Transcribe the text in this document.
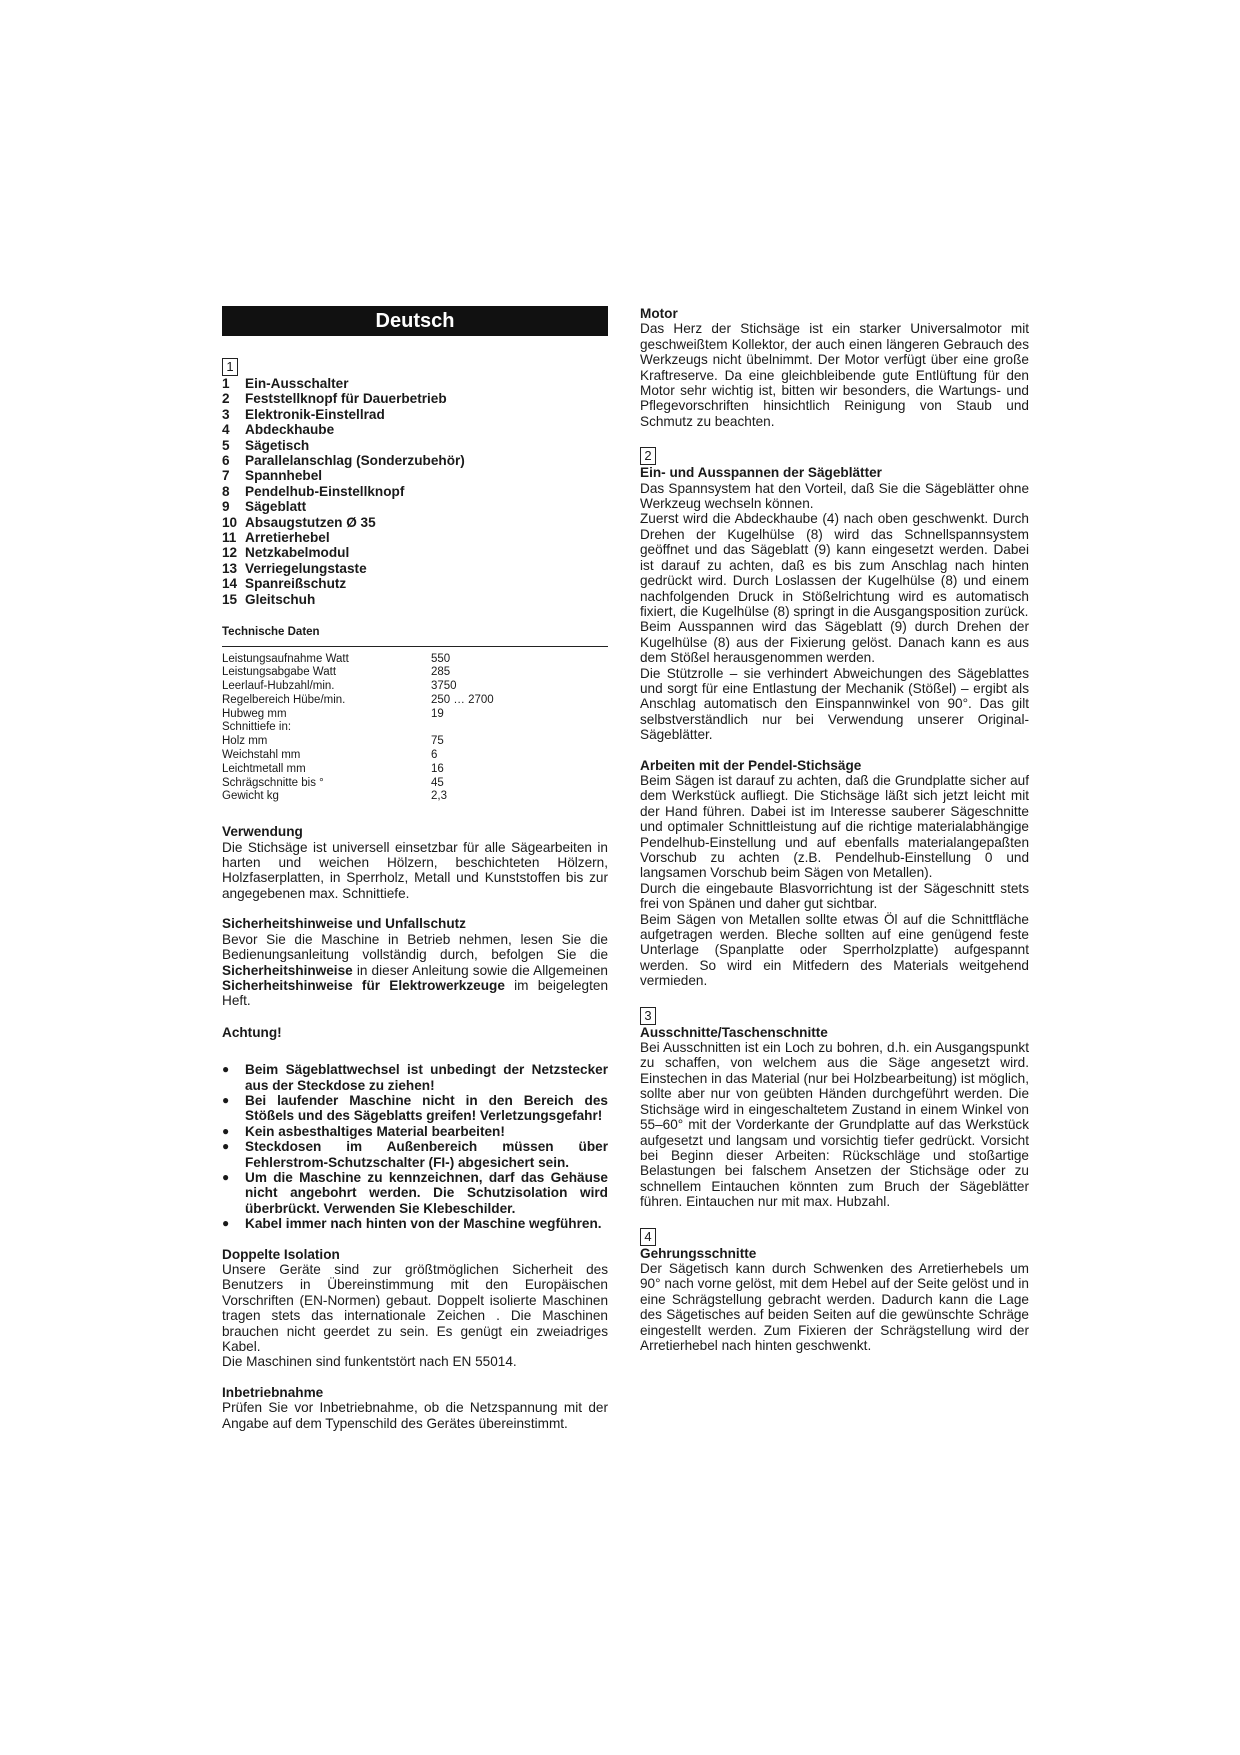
Deutsch
1
1	Ein-Ausschalter
2	Feststellknopf für Dauerbetrieb
3	Elektronik-Einstellrad
4	Abdeckhaube
5	Sägetisch
6	Parallelanschlag (Sonderzubehör)
7	Spannhebel
8	Pendelhub-Einstellknopf
9	Sägeblatt
10 Absaugstutzen Ø 35
11 Arretierhebel
12 Netzkabelmodul
13 Verriegelungstaste
14 Spanreißschutz
15 Gleitschuh
Technische Daten
Leistungsaufnahme Watt	550
Leistungsabgabe Watt	285
Leerlauf-Hubzahl/min.	3750
Regelbereich Hübe/min.	250 … 2700
Hubweg mm	19
Schnittiefe in:
Holz mm	75
Weichstahl mm	6
Leichtmetall mm	16
Schrägschnitte bis °	45
Gewicht kg	2,3
Verwendung

Die Stichsäge ist universell einsetzbar für alle Sägearbeiten in harten und weichen Hölzern, beschichteten Hölzern, Holzfaserplatten, in Sperrholz, Metall und Kunststoffen bis zur angegebenen max. Schnittiefe.

Sicherheitshinweise und Unfallschutz

Bevor Sie die Maschine in Betrieb nehmen, lesen Sie die Bedienungsanleitung vollständig durch, befolgen Sie die Sicherheitshinweise in dieser Anleitung sowie die Allgemeinen Sicherheitshinweise für Elektrowerkzeuge im beigelegten Heft.

Achtung!
●	Beim Sägeblattwechsel ist unbedingt der Netzstecker aus der Steckdose zu ziehen!
●	Bei laufender Maschine nicht in den Bereich des Stößels und des Sägeblatts greifen! Verletzungsgefahr!
●	Kein asbesthaltiges Material bearbeiten!
●	Steckdosen im Außenbereich müssen über Fehlerstrom-Schutzschalter (FI-) abgesichert sein.
●	Um die Maschine zu kennzeichnen, darf das Gehäuse nicht angebohrt werden. Die Schutzisolation wird überbrückt. Verwenden Sie Klebeschilder.
●	Kabel immer nach hinten von der Maschine wegführen.
Doppelte Isolation

Unsere Geräte sind zur größtmöglichen Sicherheit des Benutzers in Übereinstimmung mit den Europäischen Vorschriften (EN-Normen) gebaut. Doppelt isolierte Maschinen tragen stets das internationale Zeichen . Die Maschinen brauchen nicht geerdet zu sein. Es genügt ein zweiadriges Kabel.

Die Maschinen sind funkentstört nach EN 55014.

Inbetriebnahme

Prüfen Sie vor Inbetriebnahme, ob die Netzspannung mit der Angabe auf dem Typenschild des Gerätes übereinstimmt.

Motor

Das Herz der Stichsäge ist ein starker Universalmotor mit geschweißtem Kollektor, der auch einen längeren Gebrauch des Werkzeugs nicht übelnimmt. Der Motor verfügt über eine große Kraftreserve. Da eine gleichbleibende gute Entlüftung für den Motor sehr wichtig ist, bitten wir besonders, die Wartungs- und Pflegevorschriften hinsichtlich Reinigung von Staub und Schmutz zu beachten.

2
Ein- und Ausspannen der Sägeblätter

Das Spannsystem hat den Vorteil, daß Sie die Sägeblätter ohne Werkzeug wechseln können.

Zuerst wird die Abdeckhaube (4) nach oben geschwenkt. Durch Drehen der Kugelhülse (8) wird das Schnellspannsystem geöffnet und das Sägeblatt (9) kann eingesetzt werden. Dabei ist darauf zu achten, daß es bis zum Anschlag nach hinten gedrückt wird. Durch Loslassen der Kugelhülse (8) und einem nachfolgenden Druck in Stößelrichtung wird es automatisch fixiert, die Kugelhülse (8) springt in die Ausgangsposition zurück.

Beim Ausspannen wird das Sägeblatt (9) durch Drehen der Kugelhülse (8) aus der Fixierung gelöst. Danach kann es aus dem Stößel herausgenommen werden.

Die Stützrolle – sie verhindert Abweichungen des Sägeblattes und sorgt für eine Entlastung der Mechanik (Stößel) – ergibt als Anschlag automatisch den Einspannwinkel von 90°. Das gilt selbstverständlich nur bei Verwendung unserer Original-Sägeblätter.

Arbeiten mit der Pendel-Stichsäge

Beim Sägen ist darauf zu achten, daß die Grundplatte sicher auf dem Werkstück aufliegt. Die Stichsäge läßt sich jetzt leicht mit der Hand führen. Dabei ist im Interesse sauberer Sägeschnitte und optimaler Schnittleistung auf die richtige materialabhängige Pendelhub-Einstellung und auf ebenfalls materialangepaßten Vorschub zu achten (z.B. Pendelhub-Einstellung 0 und langsamen Vorschub beim Sägen von Metallen).

Durch die eingebaute Blasvorrichtung ist der Sägeschnitt stets frei von Spänen und daher gut sichtbar.

Beim Sägen von Metallen sollte etwas Öl auf die Schnittfläche aufgetragen werden. Bleche sollten auf eine genügend feste Unterlage (Spanplatte oder Sperrholzplatte) aufgespannt werden. So wird ein Mitfedern des Materials weitgehend vermieden.

3
Ausschnitte/Taschenschnitte

Bei Ausschnitten ist ein Loch zu bohren, d.h. ein Ausgangspunkt zu schaffen, von welchem aus die Säge angesetzt wird. Einstechen in das Material (nur bei Holzbearbeitung) ist möglich, sollte aber nur von geübten Händen durchgeführt werden. Die Stichsäge wird in eingeschaltetem Zustand in einem Winkel von 55–60° mit der Vorderkante der Grundplatte auf das Werkstück aufgesetzt und langsam und vorsichtig tiefer gedrückt. Vorsicht bei Beginn dieser Arbeiten: Rückschläge und stoßartige Belastungen bei falschem Ansetzen der Stichsäge oder zu schnellem Eintauchen könnten zum Bruch der Sägeblätter führen. Eintauchen nur mit max. Hubzahl.

4
Gehrungsschnitte

Der Sägetisch kann durch Schwenken des Arretierhebels um 90° nach vorne gelöst, mit dem Hebel auf der Seite gelöst und in eine Schrägstellung gebracht werden. Dadurch kann die Lage des Sägetisches auf beiden Seiten auf die gewünschte Schräge eingestellt werden. Zum Fixieren der Schrägstellung wird der Arretierhebel nach hinten geschwenkt.
